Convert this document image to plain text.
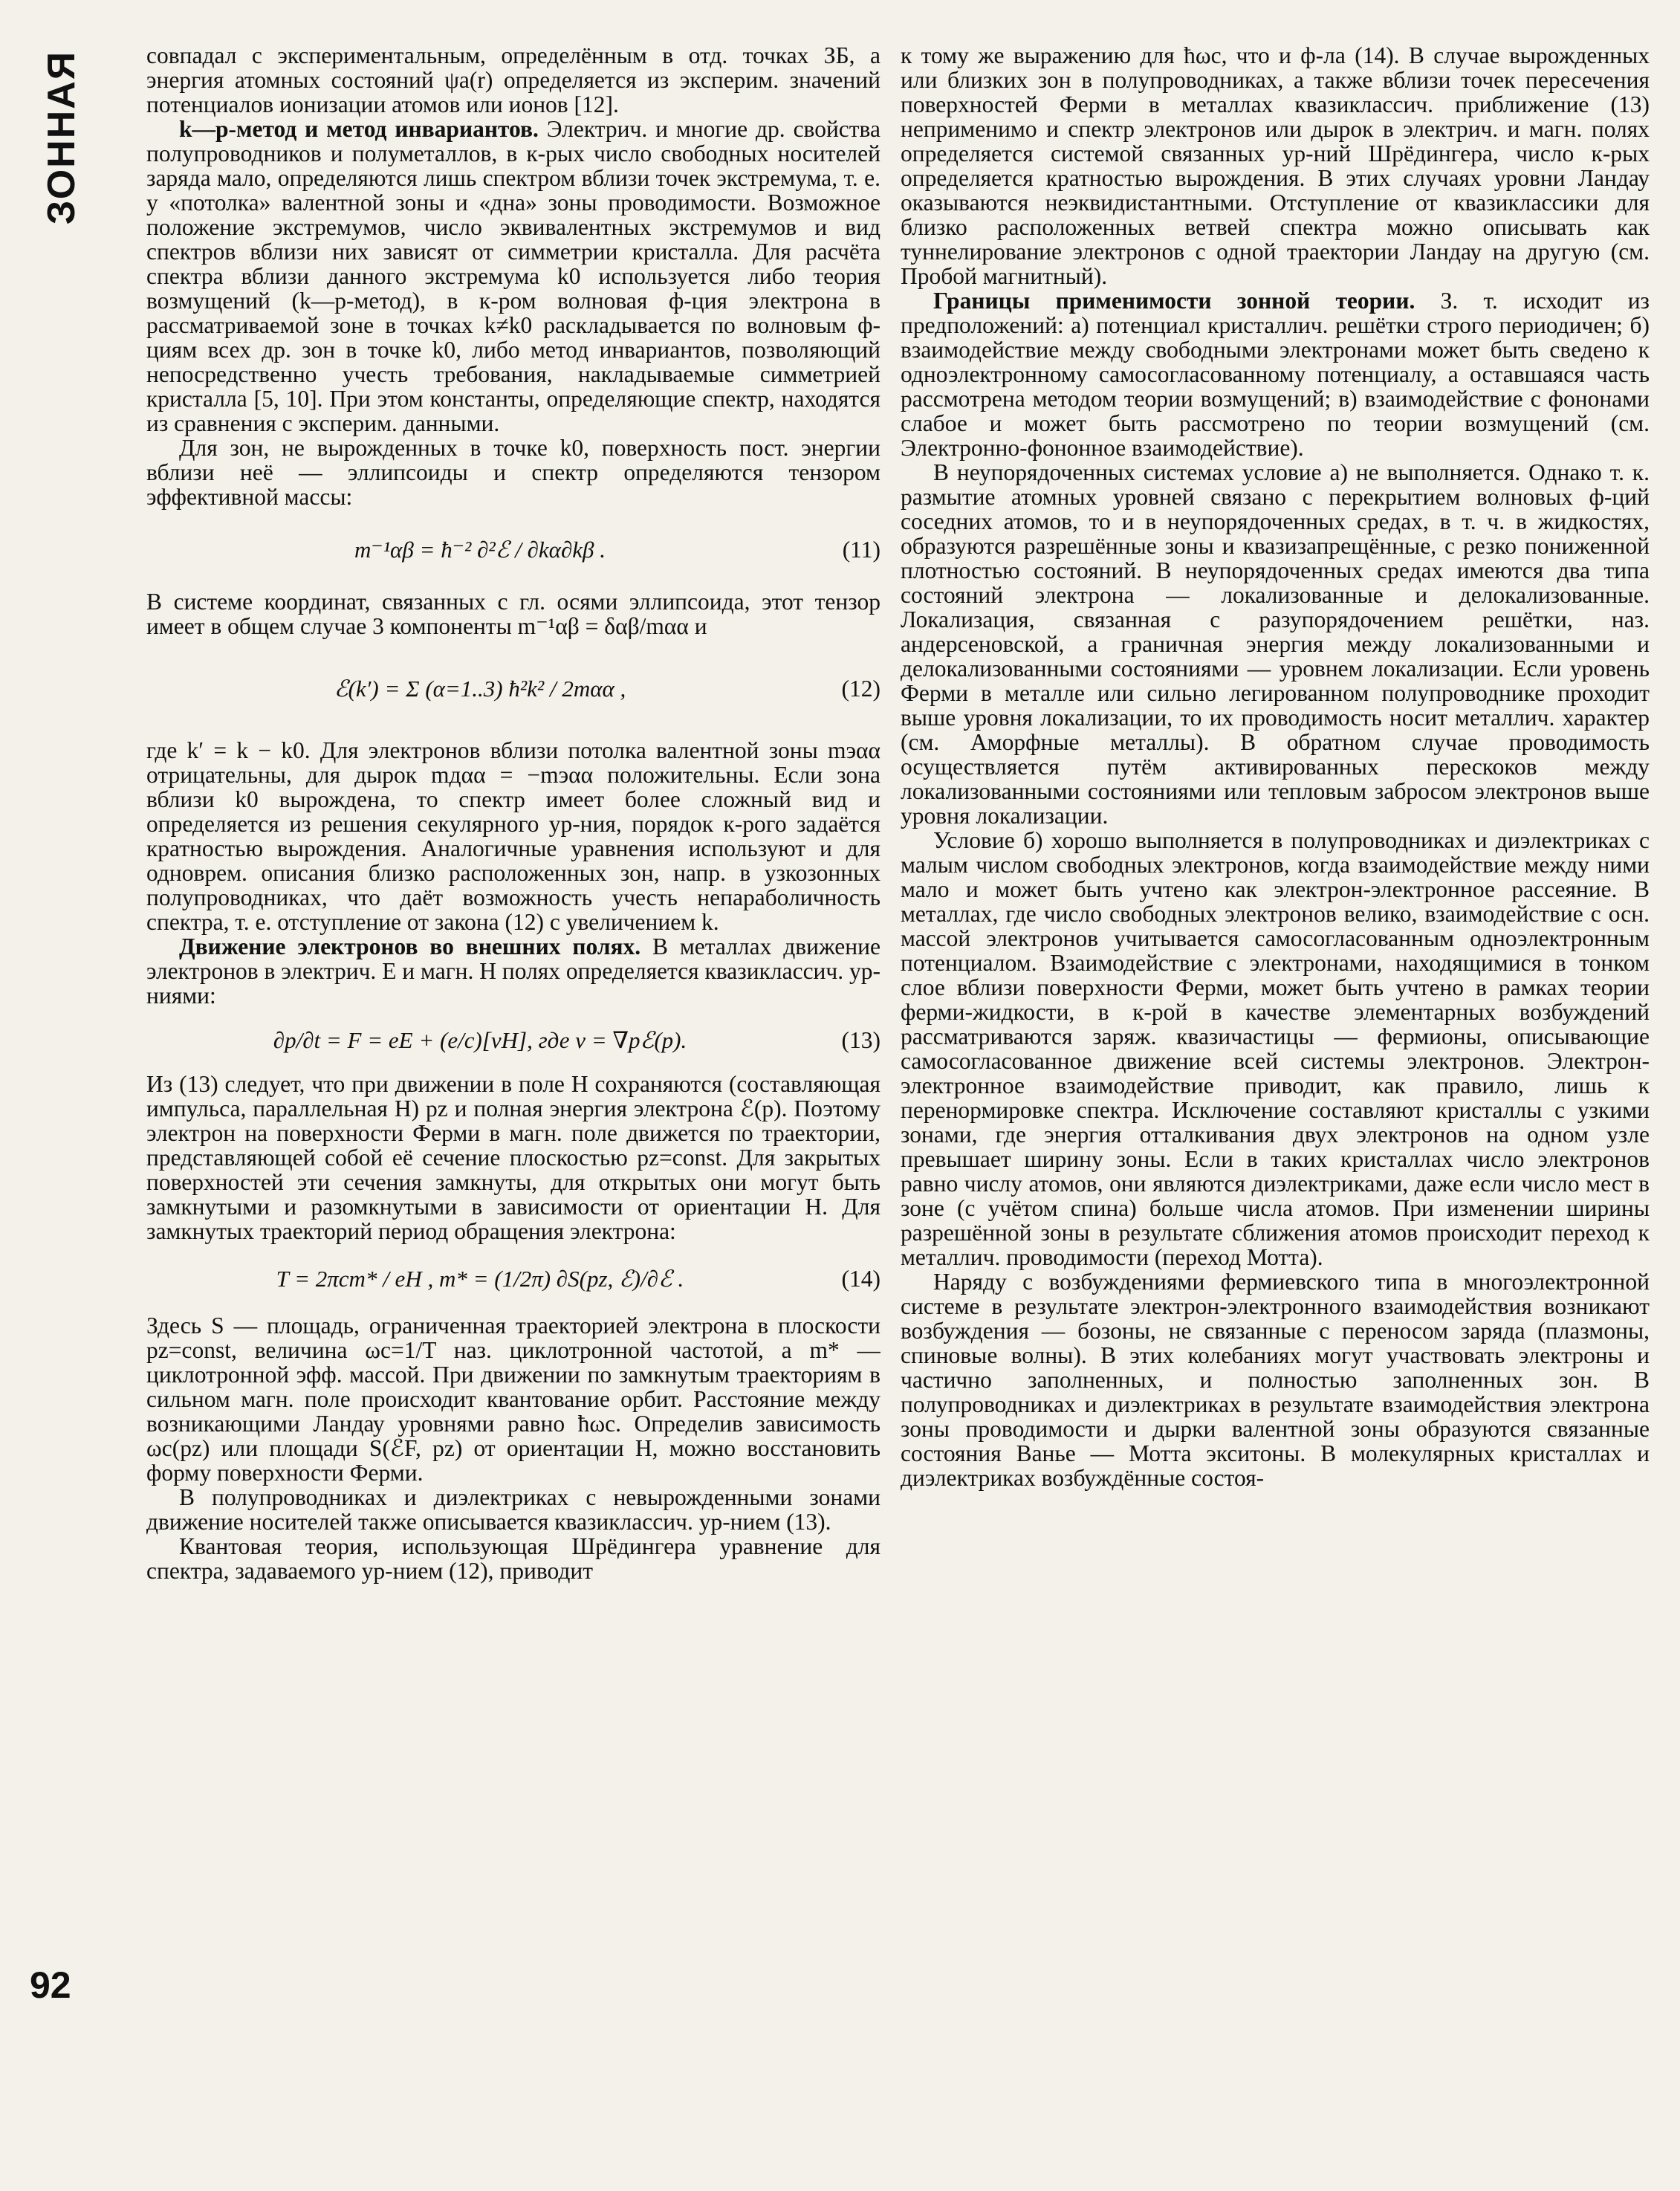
ЗОННАЯ
92

совпадал с экспериментальным, определённым в отд. точках ЗБ, а энергия атомных состояний ψa(r) определяется из эксперим. значений потенциалов ионизации атомов или ионов [12].

k—p-метод и метод инвариантов. Электрич. и многие др. свойства полупроводников и полуметаллов, в к-рых число свободных носителей заряда мало, определяются лишь спектром вблизи точек экстремума, т. е. у «потолка» валентной зоны и «дна» зоны проводимости. Возможное положение экстремумов, число эквивалентных экстремумов и вид спектров вблизи них зависят от симметрии кристалла. Для расчёта спектра вблизи данного экстремума k0 используется либо теория возмущений (k—p-метод), в к-ром волновая ф-ция электрона в рассматриваемой зоне в точках k≠k0 раскладывается по волновым ф-циям всех др. зон в точке k0, либо метод инвариантов, позволяющий непосредственно учесть требования, накладываемые симметрией кристалла [5, 10]. При этом константы, определяющие спектр, находятся из сравнения с эксперим. данными.

Для зон, не вырожденных в точке k0, поверхность пост. энергии вблизи неё — эллипсоиды и спектр определяются тензором эффективной массы:

m⁻¹αβ = ħ⁻² ∂²ℰ / ∂kα∂kβ .	(11)

В системе координат, связанных с гл. осями эллипсоида, этот тензор имеет в общем случае 3 компоненты m⁻¹αβ = δαβ/mαα и

ℰ(k′) = Σ (α=1..3) ħ²k² / 2mαα ,	(12)

где k′ = k − k0. Для электронов вблизи потолка валентной зоны mэαα отрицательны, для дырок mдαα = −mэαα положительны. Если зона вблизи k0 вырождена, то спектр имеет более сложный вид и определяется из решения секулярного ур-ния, порядок к-рого задаётся кратностью вырождения. Аналогичные уравнения используют и для одноврем. описания близко расположенных зон, напр. в узкозонных полупроводниках, что даёт возможность учесть непараболичность спектра, т. е. отступление от закона (12) с увеличением k.

Движение электронов во внешних полях. В металлах движение электронов в электрич. E и магн. H полях определяется квазиклассич. ур-ниями:

∂p/∂t = F = eE + (e/c)[vH], где v = ∇pℰ(p).	(13)

Из (13) следует, что при движении в поле H сохраняются (составляющая импульса, параллельная H) pz и полная энергия электрона ℰ(p). Поэтому электрон на поверхности Ферми в магн. поле движется по траектории, представляющей собой её сечение плоскостью pz=const. Для закрытых поверхностей эти сечения замкнуты, для открытых они могут быть замкнутыми и разомкнутыми в зависимости от ориентации H. Для замкнутых траекторий период обращения электрона:

T = 2πcm* / eH , m* = (1/2π) ∂S(pz, ℰ)/∂ℰ .	(14)

Здесь S — площадь, ограниченная траекторией электрона в плоскости pz=const, величина ωc=1/T наз. циклотронной частотой, а m* — циклотронной эфф. массой. При движении по замкнутым траекториям в сильном магн. поле происходит квантование орбит. Расстояние между возникающими Ландау уровнями равно ħωc. Определив зависимость ωc(pz) или площади S(ℰF, pz) от ориентации H, можно восстановить форму поверхности Ферми.

В полупроводниках и диэлектриках с невырожденными зонами движение носителей также описывается квазиклассич. ур-нием (13).

Квантовая теория, использующая Шрёдингера уравнение для спектра, задаваемого ур-нием (12), приводит

к тому же выражению для ħωc, что и ф-ла (14). В случае вырожденных или близких зон в полупроводниках, а также вблизи точек пересечения поверхностей Ферми в металлах квазиклассич. приближение (13) неприменимо и спектр электронов или дырок в электрич. и магн. полях определяется системой связанных ур-ний Шрёдингера, число к-рых определяется кратностью вырождения. В этих случаях уровни Ландау оказываются неэквидистантными. Отступление от квазиклассики для близко расположенных ветвей спектра можно описывать как туннелирование электронов с одной траектории Ландау на другую (см. Пробой магнитный).

Границы применимости зонной теории. З. т. исходит из предположений: а) потенциал кристаллич. решётки строго периодичен; б) взаимодействие между свободными электронами может быть сведено к одноэлектронному самосогласованному потенциалу, а оставшаяся часть рассмотрена методом теории возмущений; в) взаимодействие с фононами слабое и может быть рассмотрено по теории возмущений (см. Электронно-фононное взаимодействие).

В неупорядоченных системах условие а) не выполняется. Однако т. к. размытие атомных уровней связано с перекрытием волновых ф-ций соседних атомов, то и в неупорядоченных средах, в т. ч. в жидкостях, образуются разрешённые зоны и квазизапрещённые, с резко пониженной плотностью состояний. В неупорядоченных средах имеются два типа состояний электрона — локализованные и делокализованные. Локализация, связанная с разупорядочением решётки, наз. андерсеновской, а граничная энергия между локализованными и делокализованными состояниями — уровнем локализации. Если уровень Ферми в металле или сильно легированном полупроводнике проходит выше уровня локализации, то их проводимость носит металлич. характер (см. Аморфные металлы). В обратном случае проводимость осуществляется путём активированных перескоков между локализованными состояниями или тепловым забросом электронов выше уровня локализации.

Условие б) хорошо выполняется в полупроводниках и диэлектриках с малым числом свободных электронов, когда взаимодействие между ними мало и может быть учтено как электрон-электронное рассеяние. В металлах, где число свободных электронов велико, взаимодействие с осн. массой электронов учитывается самосогласованным одноэлектронным потенциалом. Взаимодействие с электронами, находящимися в тонком слое вблизи поверхности Ферми, может быть учтено в рамках теории ферми-жидкости, в к-рой в качестве элементарных возбуждений рассматриваются заряж. квазичастицы — фермионы, описывающие самосогласованное движение всей системы электронов. Электрон-электронное взаимодействие приводит, как правило, лишь к перенормировке спектра. Исключение составляют кристаллы с узкими зонами, где энергия отталкивания двух электронов на одном узле превышает ширину зоны. Если в таких кристаллах число электронов равно числу атомов, они являются диэлектриками, даже если число мест в зоне (с учётом спина) больше числа атомов. При изменении ширины разрешённой зоны в результате сближения атомов происходит переход к металлич. проводимости (переход Мотта).

Наряду с возбуждениями фермиевского типа в многоэлектронной системе в результате электрон-электронного взаимодействия возникают возбуждения — бозоны, не связанные с переносом заряда (плазмоны, спиновые волны). В этих колебаниях могут участвовать электроны и частично заполненных, и полностью заполненных зон. В полупроводниках и диэлектриках в результате взаимодействия электрона зоны проводимости и дырки валентной зоны образуются связанные состояния Ванье — Мотта экситоны. В молекулярных кристаллах и диэлектриках возбуждённые состоя-
